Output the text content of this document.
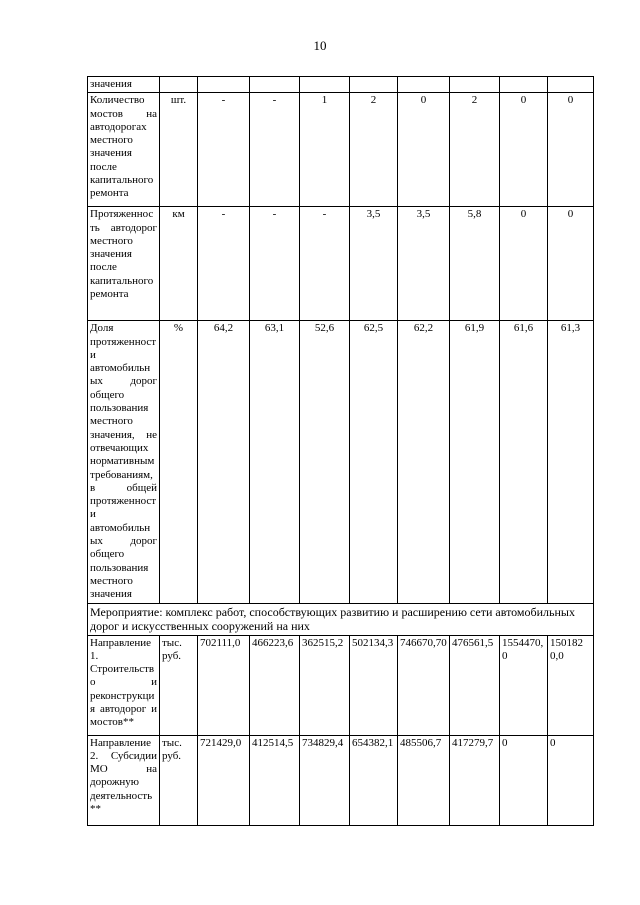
10
значения									
Количество мостов на автодорогах местного значения после капитального ремонта	шт.	-	-	1	2	0	2	0	0
Протяженность автодорог местного значения после капитального ремонта	км	-	-	-	3,5	3,5	5,8	0	0
Доля протяженности автомобильных дорог общего пользования местного значения, не отвечающих нормативным требованиям, в общей протяженности автомобильных дорог общего пользования местного значения	%	64,2	63,1	52,6	62,5	62,2	61,9	61,6	61,3
Мероприятие: комплекс работ, способствующих развитию и расширению сети автомобильных дорог и искусственных сооружений на них									
Направление 1. Строительство и реконструкция автодорог и мостов**	тыс. руб.	702111,0	466223,6	362515,2	502134,3	746670,70	476561,5	1554470,0	1501820,0
Направление 2. Субсидии МО на дорожную деятельность**	тыс. руб.	721429,0	412514,5	734829,4	654382,1	485506,7	417279,7	0	0
